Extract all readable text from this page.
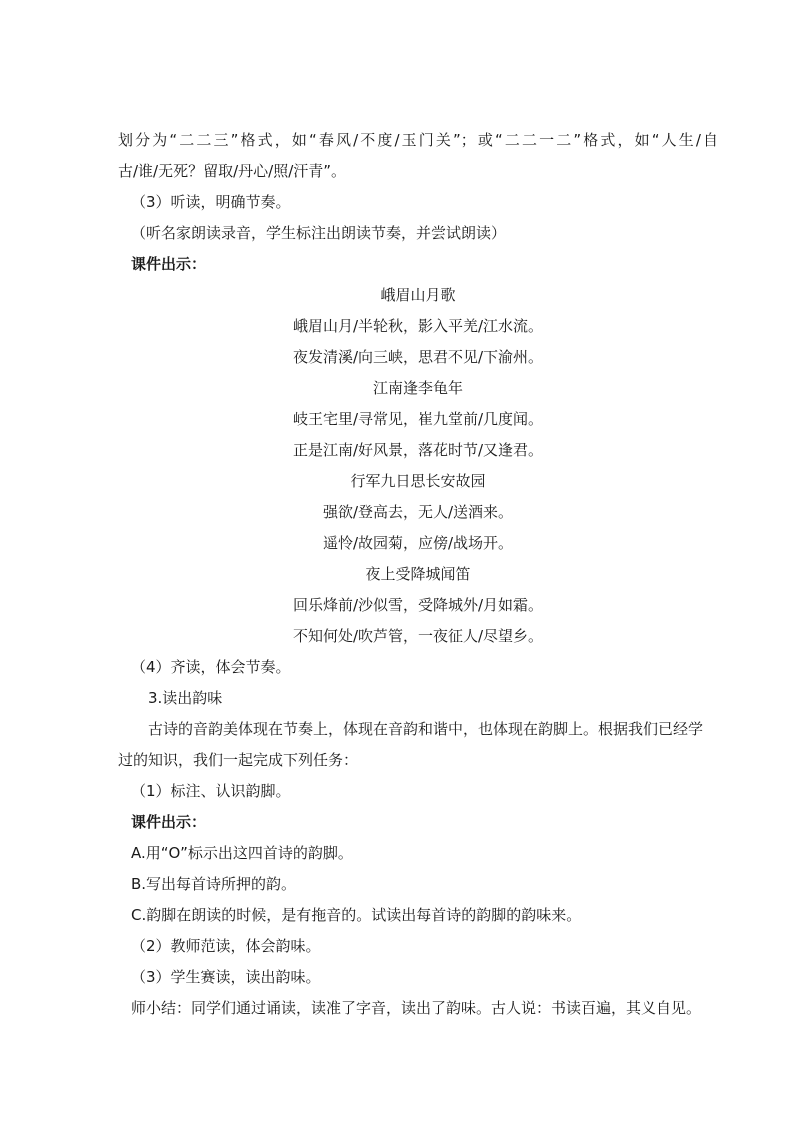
划分为“二二三”格式，如“春风/不度/玉门关”；或“二二一二”格式，如“人生/自
古/谁/无死？留取/丹心/照/汗青”。
（3）听读，明确节奏。
（听名家朗读录音，学生标注出朗读节奏，并尝试朗读）
课件出示：
峨眉山月歌
峨眉山月/半轮秋，影入平羌/江水流。
夜发清溪/向三峡，思君不见/下渝州。
江南逢李龟年
岐王宅里/寻常见，崔九堂前/几度闻。
正是江南/好风景，落花时节/又逢君。
行军九日思长安故园
强欲/登高去，无人/送酒来。
遥怜/故园菊，应傍/战场开。
夜上受降城闻笛
回乐烽前/沙似雪，受降城外/月如霜。
不知何处/吹芦管，一夜征人/尽望乡。
（4）齐读，体会节奏。
3.读出韵味
古诗的音韵美体现在节奏上，体现在音韵和谐中，也体现在韵脚上。根据我们已经学
过的知识，我们一起完成下列任务：
（1）标注、认识韵脚。
课件出示：
A.用“O”标示出这四首诗的韵脚。
B.写出每首诗所押的韵。
C.韵脚在朗读的时候，是有拖音的。试读出每首诗的韵脚的韵味来。
（2）教师范读，体会韵味。
（3）学生赛读，读出韵味。
师小结：同学们通过诵读，读准了字音，读出了韵味。古人说：书读百遍，其义自见。
